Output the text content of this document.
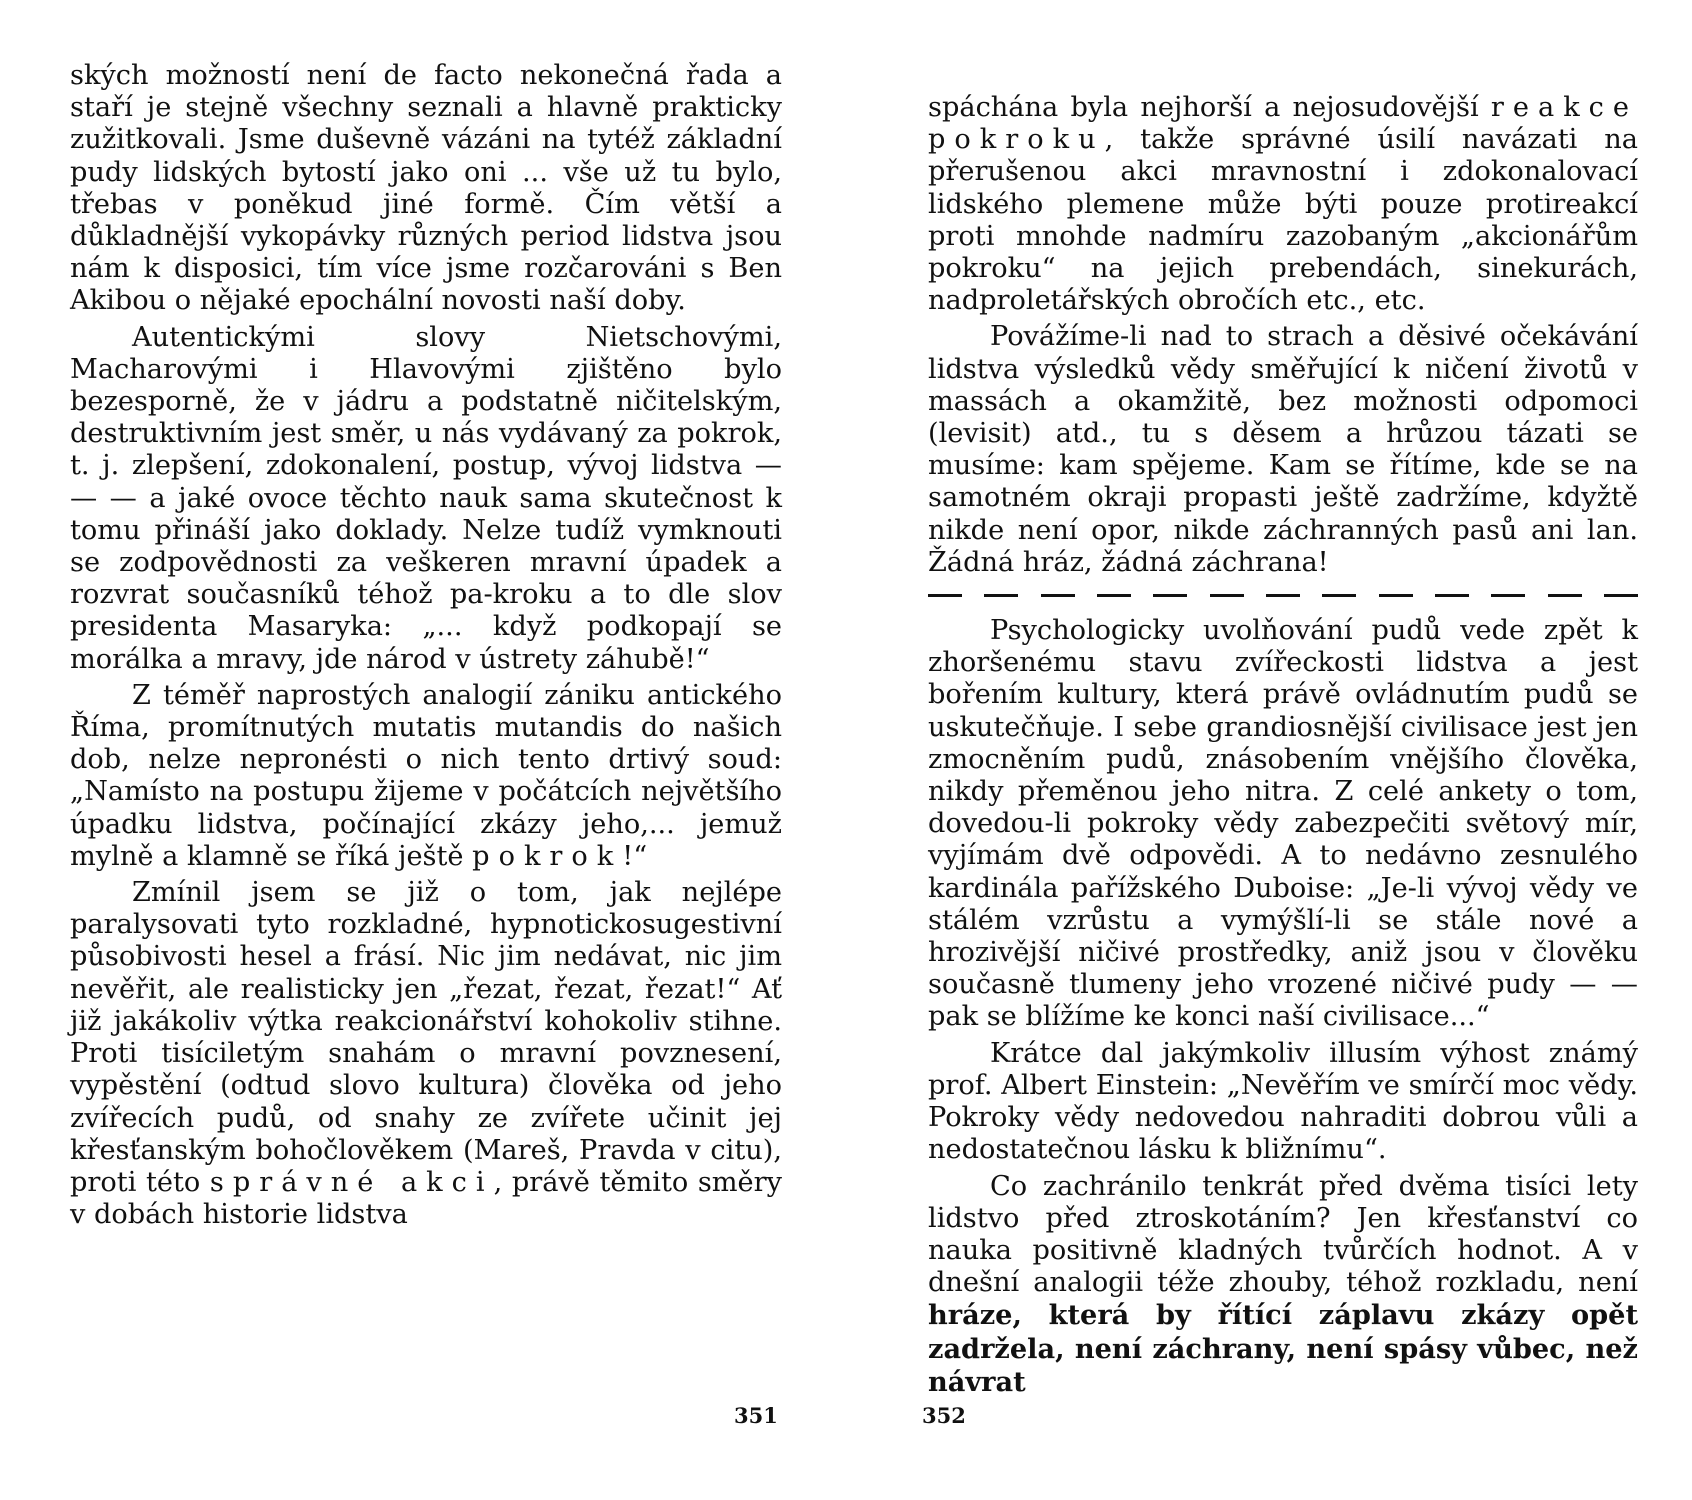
ských možností není de facto nekonečná řada a staří je stejně všechny seznali a hlavně prakticky zužitkovali. Jsme duševně vázáni na tytéž základní pudy lidských bytostí jako oni ... vše už tu bylo, třebas v poněkud jiné formě. Čím větší a důkladnější vykopávky různých period lidstva jsou nám k disposici, tím více jsme rozčarováni s Ben Akibou o nějaké epochální novosti naší doby.

Autentickými slovy Nietschovými, Macharovými i Hlavovými zjištěno bylo bezesporně, že v jádru a podstatně ničitelským, destruktivním jest směr, u nás vydávaný za pokrok, t. j. zlepšení, zdokonalení, postup, vývoj lidstva — — — a jaké ovoce těchto nauk sama skutečnost k tomu přináší jako doklady. Nelze tudíž vymknouti se zodpovědnosti za veškeren mravní úpadek a rozvrat současníků téhož pa-kroku a to dle slov presidenta Masaryka: „... když podkopají se morálka a mravy, jde národ v ústrety záhubě!“

Z téměř naprostých analogií zániku antického Říma, promítnutých mutatis mutandis do našich dob, nelze nepronésti o nich tento drtivý soud: „Namísto na postupu žijeme v počátcích největšího úpadku lidstva, počínající zkázy jeho,... jemuž mylně a klamně se říká ještě pokrok!“

Zmínil jsem se již o tom, jak nejlépe paralysovati tyto rozkladné, hypnotickosugestivní působivosti hesel a frásí. Nic jim nedávat, nic jim nevěřit, ale realisticky jen „řezat, řezat, řezat!“ Ať již jakákoliv výtka reakcionářství kohokoliv stihne. Proti tisíciletým snahám o mravní povznesení, vypěstění (odtud slovo kultura) člověka od jeho zvířecích pudů, od snahy ze zvířete učinit jej křesťanským bohočlověkem (Mareš, Pravda v citu), proti této správné akci, právě těmito směry v dobách historie lidstva

351

spáchána byla nejhorší a nejosudovější reakce pokroku, takže správné úsilí navázati na přerušenou akci mravnostní i zdokonalovací lidského plemene může býti pouze protireakcí proti mnohde nadmíru zazobaným „akcionářům pokroku“ na jejich prebendách, sinekurách, nadproletářských obročích etc., etc.

Povážíme-li nad to strach a děsivé očekávání lidstva výsledků vědy směřující k ničení životů v massách a okamžitě, bez možnosti odpomoci (levisit) atd., tu s děsem a hrůzou tázati se musíme: kam spějeme. Kam se řítíme, kde se na samotném okraji propasti ještě zadržíme, kdyžtě nikde není opor, nikde záchranných pasů ani lan. Žádná hráz, žádná záchrana!

Psychologicky uvolňování pudů vede zpět k zhoršenému stavu zvířeckosti lidstva a jest bořením kultury, která právě ovládnutím pudů se uskutečňuje. I sebe grandiosnější civilisace jest jen zmocněním pudů, znásobením vnějšího člověka, nikdy přeměnou jeho nitra. Z celé ankety o tom, dovedou-li pokroky vědy zabezpečiti světový mír, vyjímám dvě odpovědi. A to nedávno zesnulého kardinála pařížského Duboise: „Je-li vývoj vědy ve stálém vzrůstu a vymýšlí-li se stále nové a hrozivější ničivé prostředky, aniž jsou v člověku současně tlumeny jeho vrozené ničivé pudy — — pak se blížíme ke konci naší civilisace...“

Krátce dal jakýmkoliv illusím výhost známý prof. Albert Einstein: „Nevěřím ve smírčí moc vědy. Pokroky vědy nedovedou nahraditi dobrou vůli a nedostatečnou lásku k bližnímu“.

Co zachránilo tenkrát před dvěma tisíci lety lidstvo před ztroskotáním? Jen křesťanství co nauka positivně kladných tvůrčích hodnot. A v dnešní analogii téže zhouby, téhož rozkladu, není hráze, která by řítící záplavu zkázy opět zadržela, není záchrany, není spásy vůbec, než návrat

352
